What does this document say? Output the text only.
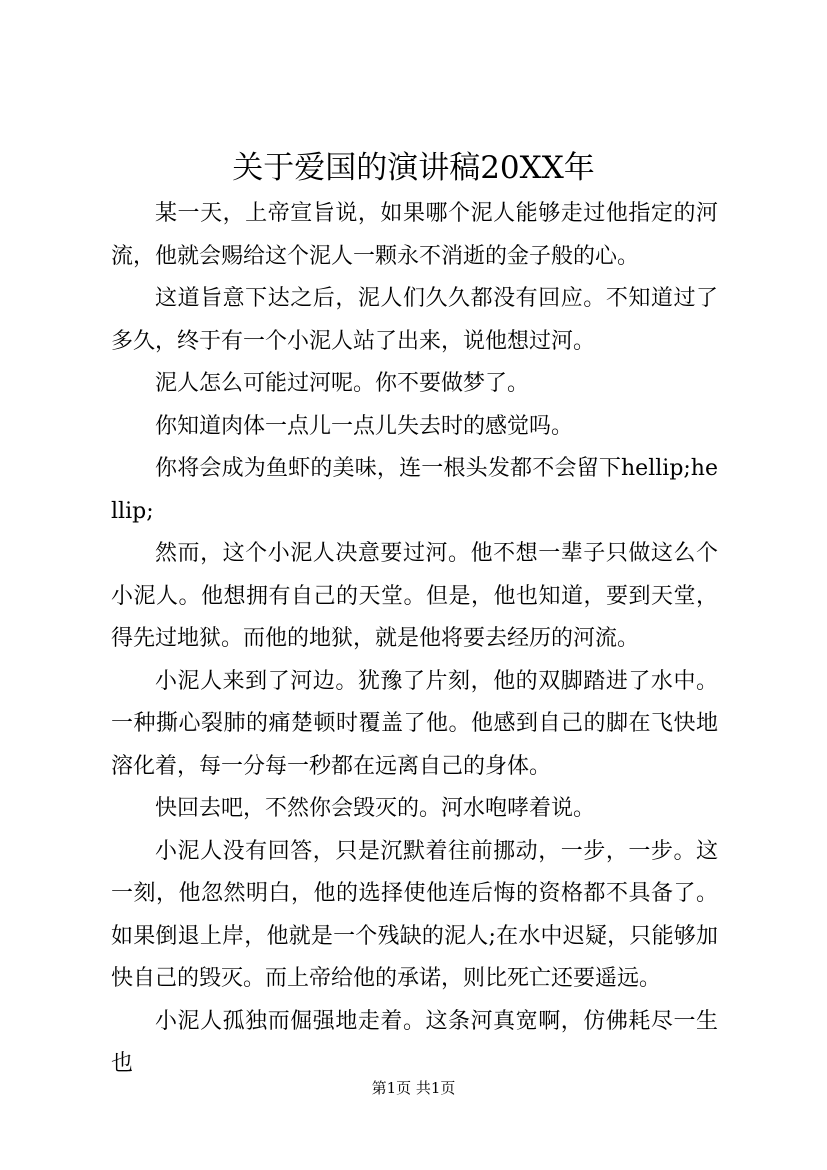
关于爱国的演讲稿20XX年

某一天，上帝宣旨说，如果哪个泥人能够走过他指定的河流，他就会赐给这个泥人一颗永不消逝的金子般的心。

这道旨意下达之后，泥人们久久都没有回应。不知道过了多久，终于有一个小泥人站了出来，说他想过河。

泥人怎么可能过河呢。你不要做梦了。

你知道肉体一点儿一点儿失去时的感觉吗。

你将会成为鱼虾的美味，连一根头发都不会留下hellip;hellip;

然而，这个小泥人决意要过河。他不想一辈子只做这么个小泥人。他想拥有自己的天堂。但是，他也知道，要到天堂，得先过地狱。而他的地狱，就是他将要去经历的河流。

小泥人来到了河边。犹豫了片刻，他的双脚踏进了水中。一种撕心裂肺的痛楚顿时覆盖了他。他感到自己的脚在飞快地溶化着，每一分每一秒都在远离自己的身体。

快回去吧，不然你会毁灭的。河水咆哮着说。

小泥人没有回答，只是沉默着往前挪动，一步，一步。这一刻，他忽然明白，他的选择使他连后悔的资格都不具备了。如果倒退上岸，他就是一个残缺的泥人;在水中迟疑，只能够加快自己的毁灭。而上帝给他的承诺，则比死亡还要遥远。

小泥人孤独而倔强地走着。这条河真宽啊，仿佛耗尽一生也

第1页 共1页
